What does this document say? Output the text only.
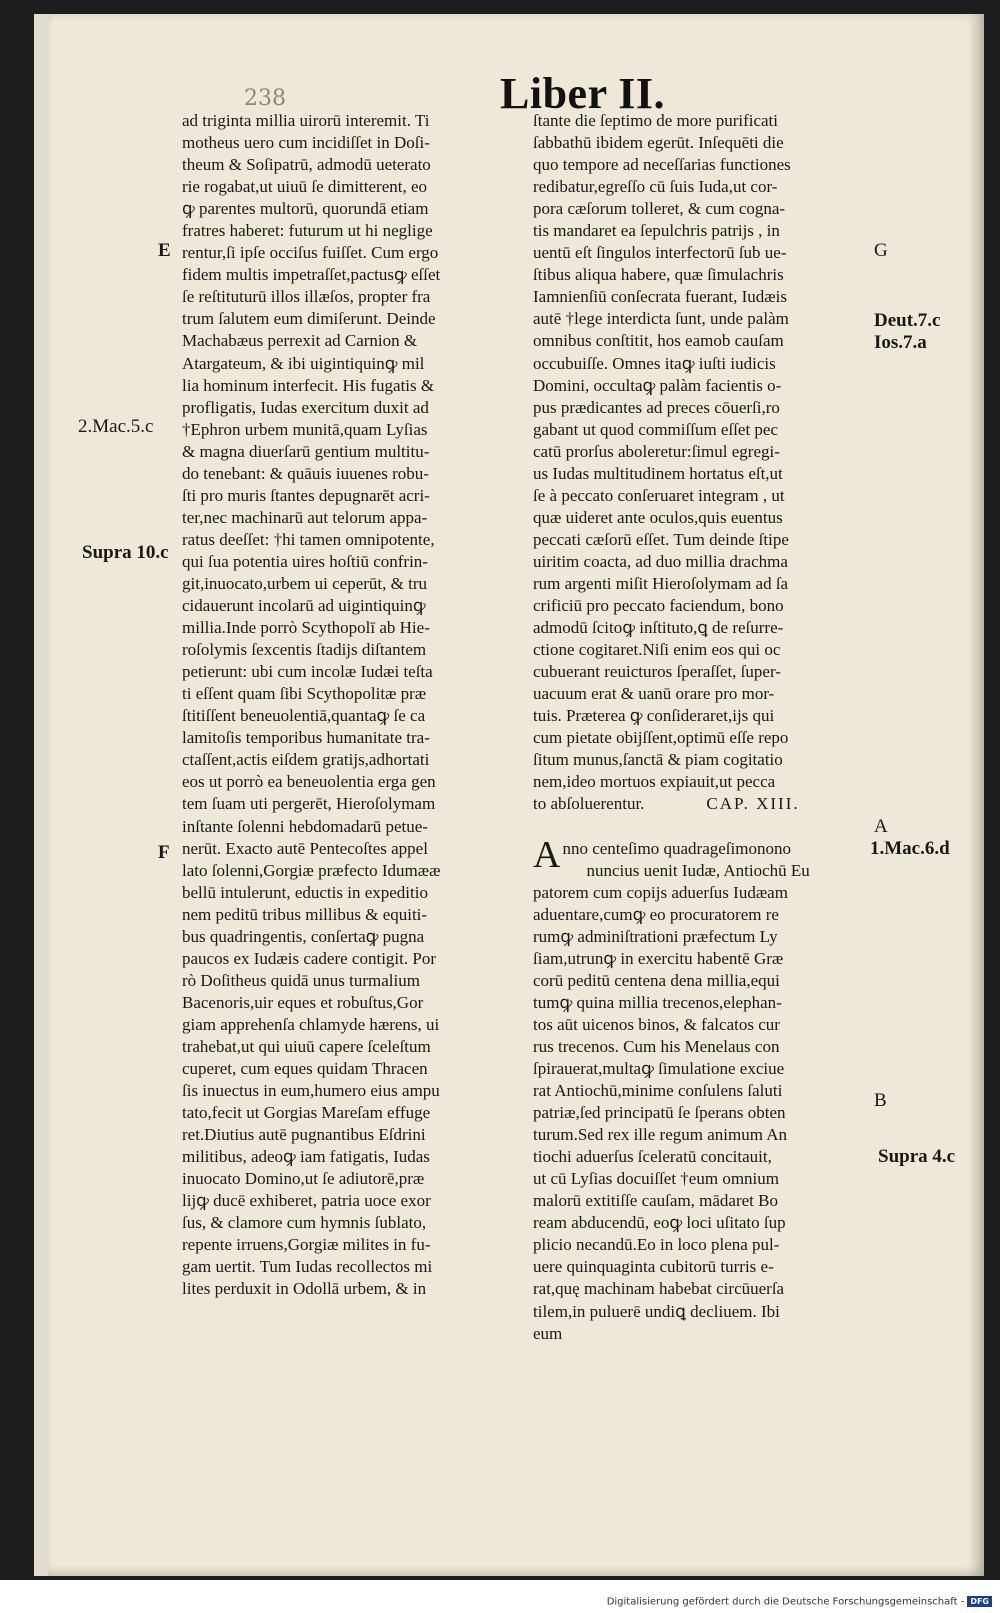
238	Liber II.
ad triginta millia uirorū interemit. Ti
motheus uero cum incidiſſet in Doſi-
theum & Soſipatrū, admodū ueterato
rie rogabat,ut uiuū ſe dimitterent, eo
ꝙ parentes multorū, quorundā etiam
fratres haberet: futurum ut hi neglige
rentur,ſi ipſe occiſus fuiſſet. Cum ergo
fidem multis impetraſſet,pactusꝙ eſſet
ſe reſtituturū illos illæſos, propter fra
trum ſalutem eum dimiſerunt. Deinde
Machabæus perrexit ad Carnion &
Atargateum, & ibi uigintiquinꝙ mil
lia hominum interfecit. His fugatis &
profligatis, Iudas exercitum duxit ad
†Ephron urbem munitā,quam Lyſias
& magna diuerſarū gentium multitu-
do tenebant: & quāuis iuuenes robu-
ſti pro muris ſtantes depugnarēt acri-
ter,nec machinarū aut telorum appa-
ratus deeſſet: †hi tamen omnipotente,
qui ſua potentia uires hoſtiū confrin-
git,inuocato,urbem ui ceperūt, & tru
cidauerunt incolarū ad uigintiquinꝙ
millia.Inde porrò Scythopolī ab Hie-
roſolymis ſexcentis ſtadijs diſtantem
petierunt: ubi cum incolæ Iudæi teſta
ti eſſent quam ſibi Scythopolitæ præ
ſtitiſſent beneuolentiā,quantaꝙ ſe ca
lamitoſis temporibus humanitate tra-
ctaſſent,actis eiſdem gratijs,adhortati
eos ut porrò ea beneuolentia erga gen
tem ſuam uti pergerēt, Hieroſolymam
inſtante ſolenni hebdomadarū petue-
nerūt. Exacto autē Pentecoſtes appel
lato ſolenni,Gorgiæ præfecto Idumææ
bellū intulerunt, eductis in expeditio
nem peditū tribus millibus & equiti-
bus quadringentis, conſertaꝙ pugna
paucos ex Iudæis cadere contigit. Por
rò Doſitheus quidā unus turmalium
Bacenoris,uir eques et robuſtus,Gor
giam apprehenſa chlamyde hærens, ui
trahebat,ut qui uiuū capere ſceleſtum
cuperet, cum eques quidam Thracen
ſis inuectus in eum,humero eius ampu
tato,fecit ut Gorgias Mareſam effuge
ret.Diutius autē pugnantibus Eſdrini
militibus, adeoꝙ iam fatigatis, Iudas
inuocato Domino,ut ſe adiutorē,præ
lijꝙ ducē exhiberet, patria uoce exor
ſus, & clamore cum hymnis ſublato,
repente irruens,Gorgiæ milites in fu-
gam uertit. Tum Iudas recollectos mi
lites perduxit in Odollā urbem, & in
ſtante die ſeptimo de more purificati
ſabbathū ibidem egerūt. Inſequēti die
quo tempore ad neceſſarias functiones
redibatur,egreſſo cū ſuis Iuda,ut cor-
pora cæſorum tolleret, & cum cogna-
tis mandaret ea ſepulchris patrijs , in
uentū eſt ſingulos interfectorū ſub ue-
ſtibus aliqua habere, quæ ſimulachris
Iamnienſiū conſecrata fuerant, Iudæis
autē †lege interdicta ſunt, unde palàm
omnibus conſtitit, hos eamob cauſam
occubuiſſe. Omnes itaꝙ iuſti iudicis
Domini, occultaꝙ palàm facientis o-
pus prædicantes ad preces cōuerſi,ro
gabant ut quod commiſſum eſſet pec
catū prorſus aboleretur:ſimul egregi-
us Iudas multitudinem hortatus eſt,ut
ſe à peccato conſeruaret integram , ut
quæ uideret ante oculos,quis euentus
peccati cæſorū eſſet. Tum deinde ſtipe
uiritim coacta, ad duo millia drachma
rum argenti miſit Hieroſolymam ad ſa
crificiū pro peccato faciendum, bono
admodū ſcitoꝙ inſtituto,ꝗ de reſurre-
ctione cogitaret.Niſi enim eos qui oc
cubuerant reuicturos ſperaſſet, ſuper-
uacuum erat & uanū orare pro mor-
tuis. Præterea ꝙ conſideraret,ijs qui
cum pietate obijſſent,optimū eſſe repo
ſitum munus,ſanctā & piam cogitatio
nem,ideo mortuos expiauit,ut pecca
to abſoluerentur.	CAP. XIII.
Anno centeſimo quadrageſimonono
nuncius uenit Iudæ, Antiochū Eu
patorem cum copijs aduerſus Iudæam
aduentare,cumꝙ eo procuratorem re
rumꝙ adminiſtrationi præfectum Ly
ſiam,utrunꝙ in exercitu habentē Græ
corū peditū centena dena millia,equi
tumꝙ quina millia trecenos,elephan-
tos aūt uicenos binos, & falcatos cur
rus trecenos. Cum his Menelaus con
ſpirauerat,multaꝙ ſimulatione exciue
rat Antiochū,minime conſulens ſaluti
patriæ,ſed principatū ſe ſperans obten
turum.Sed rex ille regum animum An
tiochi aduerſus ſceleratū concitauit,
ut cū Lyſias docuiſſet †eum omnium
malorū extitiſſe cauſam, mādaret Bo
ream abducendū, eoꝙ loci uſitato ſup
plicio necandū.Eo in loco plena pul-
uere quinquaginta cubitorū turris e-
rat,quę machinam habebat circūuerſa
tilem,in puluerē undiꝗ decliuem. Ibi
eum
E
2.Mac.5.c
Supra 10.c
F
G
Deut.7.c
Ios.7.a
A
1.Mac.6.d
B
Supra 4.c
Digitalisierung gefördert durch die Deutsche Forschungsgemeinschaft - DFG
